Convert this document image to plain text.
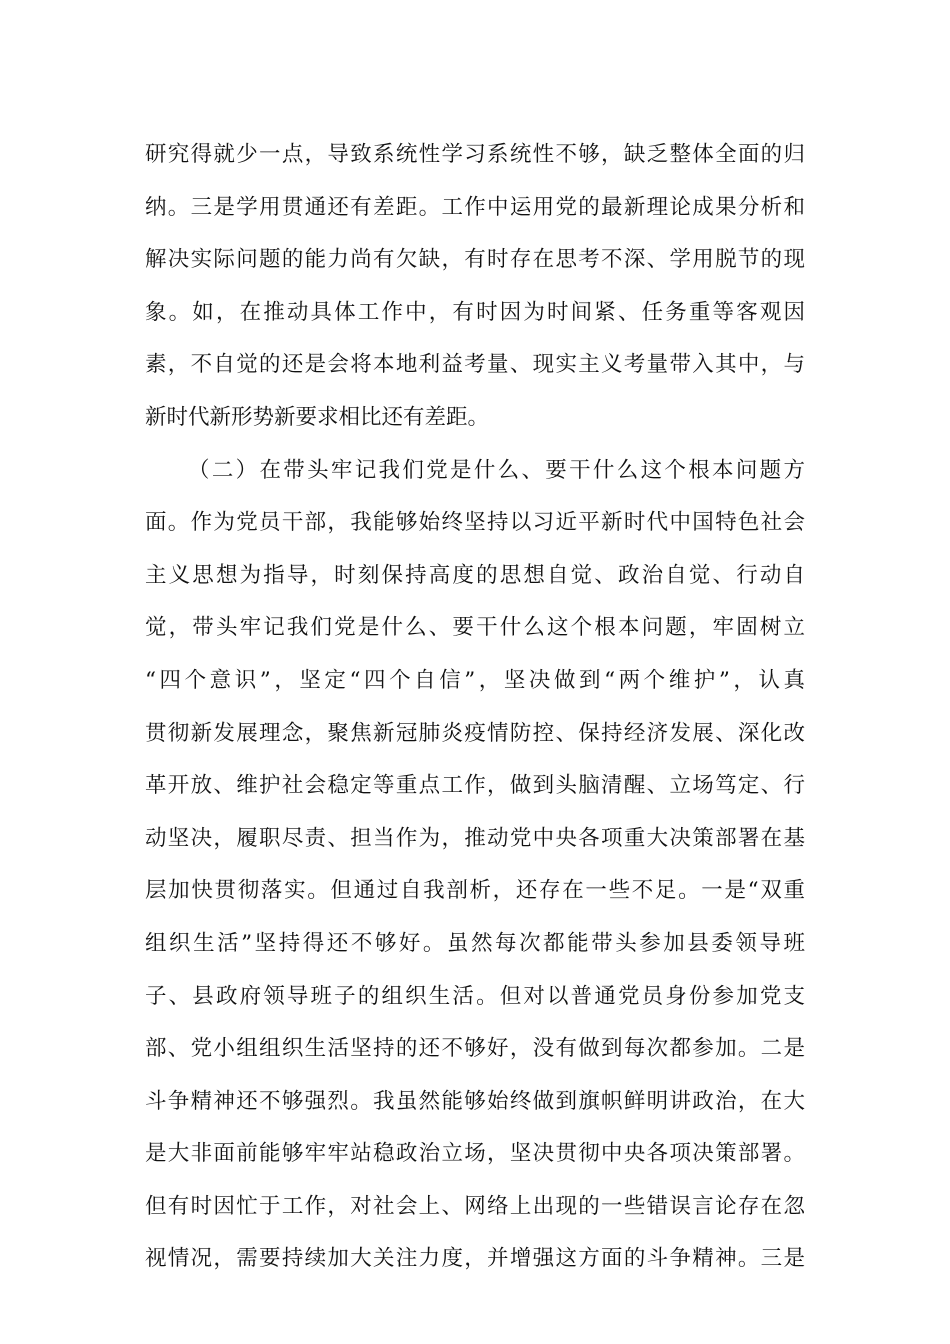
研究得就少一点，导致系统性学习系统性不够，缺乏整体全面的归
纳。三是学用贯通还有差距。工作中运用党的最新理论成果分析和
解决实际问题的能力尚有欠缺，有时存在思考不深、学用脱节的现
象。如，在推动具体工作中，有时因为时间紧、任务重等客观因
素，不自觉的还是会将本地利益考量、现实主义考量带入其中，与
新时代新形势新要求相比还有差距。
（二）在带头牢记我们党是什么、要干什么这个根本问题方
面。作为党员干部，我能够始终坚持以习近平新时代中国特色社会
主义思想为指导，时刻保持高度的思想自觉、政治自觉、行动自
觉，带头牢记我们党是什么、要干什么这个根本问题，牢固树立
“四个意识”，坚定“四个自信”，坚决做到“两个维护”，认真
贯彻新发展理念，聚焦新冠肺炎疫情防控、保持经济发展、深化改
革开放、维护社会稳定等重点工作，做到头脑清醒、立场笃定、行
动坚决，履职尽责、担当作为，推动党中央各项重大决策部署在基
层加快贯彻落实。但通过自我剖析，还存在一些不足。一是“双重
组织生活”坚持得还不够好。虽然每次都能带头参加县委领导班
子、县政府领导班子的组织生活。但对以普通党员身份参加党支
部、党小组组织生活坚持的还不够好，没有做到每次都参加。二是
斗争精神还不够强烈。我虽然能够始终做到旗帜鲜明讲政治，在大
是大非面前能够牢牢站稳政治立场，坚决贯彻中央各项决策部署。
但有时因忙于工作，对社会上、网络上出现的一些错误言论存在忽
视情况，需要持续加大关注力度，并增强这方面的斗争精神。三是
